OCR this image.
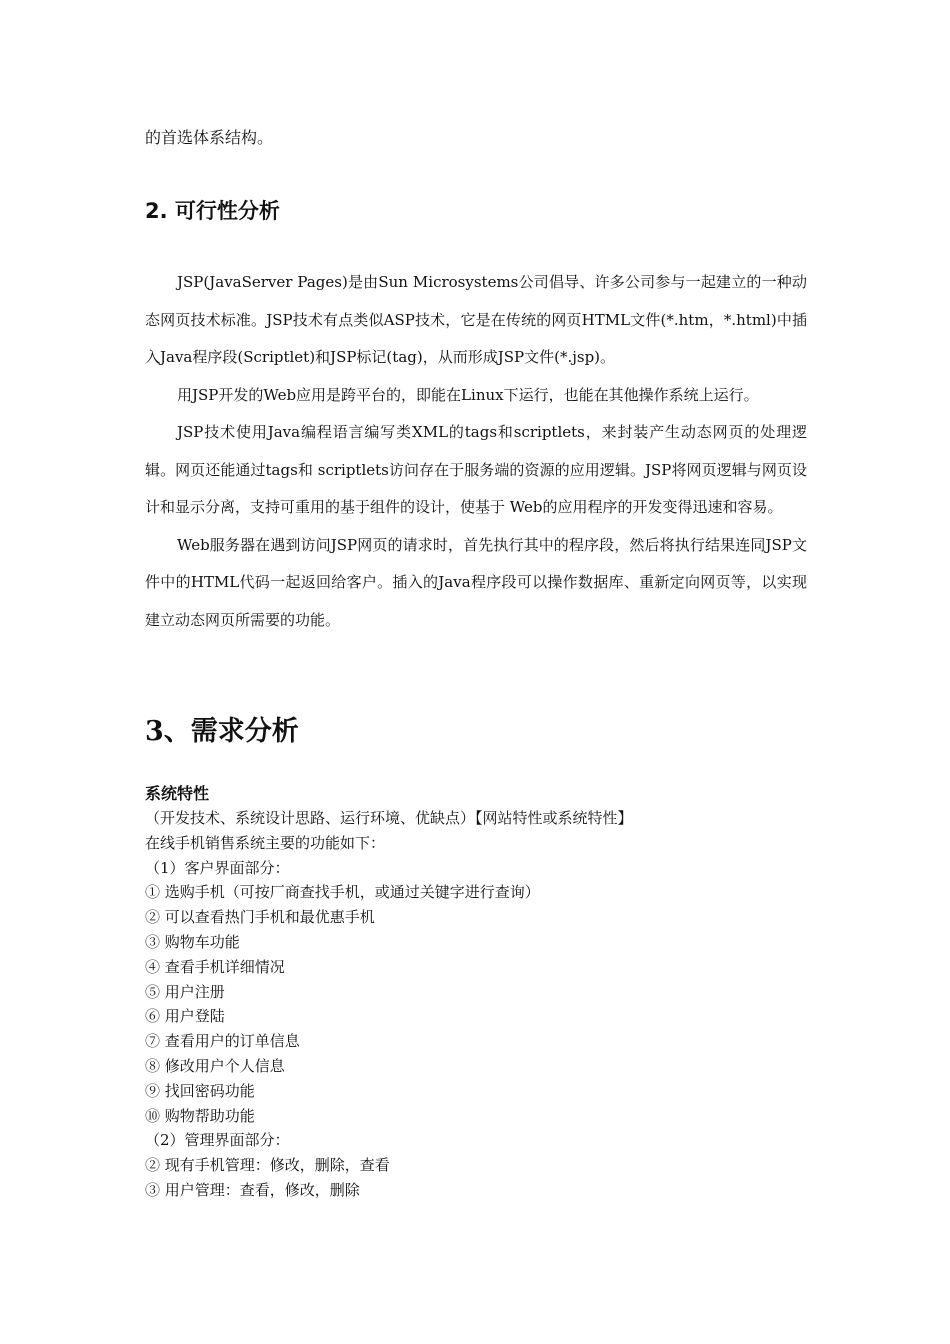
的首选体系结构。
2. 可行性分析

JSP(JavaServer Pages)是由Sun Microsystems公司倡导、许多公司参与一起建立的一种动态网页技术标准。JSP技术有点类似ASP技术，它是在传统的网页HTML文件(*.htm，*.html)中插入Java程序段(Scriptlet)和JSP标记(tag)，从而形成JSP文件(*.jsp)。

用JSP开发的Web应用是跨平台的，即能在Linux下运行，也能在其他操作系统上运行。

JSP技术使用Java编程语言编写类XML的tags和scriptlets，来封装产生动态网页的处理逻辑。网页还能通过tags和 scriptlets访问存在于服务端的资源的应用逻辑。JSP将网页逻辑与网页设计和显示分离，支持可重用的基于组件的设计，使基于 Web的应用程序的开发变得迅速和容易。

Web服务器在遇到访问JSP网页的请求时，首先执行其中的程序段，然后将执行结果连同JSP文件中的HTML代码一起返回给客户。插入的Java程序段可以操作数据库、重新定向网页等，以实现建立动态网页所需要的功能。

3、需求分析
系统特性
（开发技术、系统设计思路、运行环境、优缺点）【网站特性或系统特性】
在线手机销售系统主要的功能如下：
（1）客户界面部分：
① 选购手机（可按厂商查找手机，或通过关键字进行查询）
② 可以查看热门手机和最优惠手机
③ 购物车功能
④ 查看手机详细情况
⑤ 用户注册
⑥ 用户登陆
⑦ 查看用户的订单信息
⑧ 修改用户个人信息
⑨ 找回密码功能
⑩ 购物帮助功能
（2）管理界面部分：
② 现有手机管理：修改，删除，查看
③ 用户管理：查看，修改，删除
